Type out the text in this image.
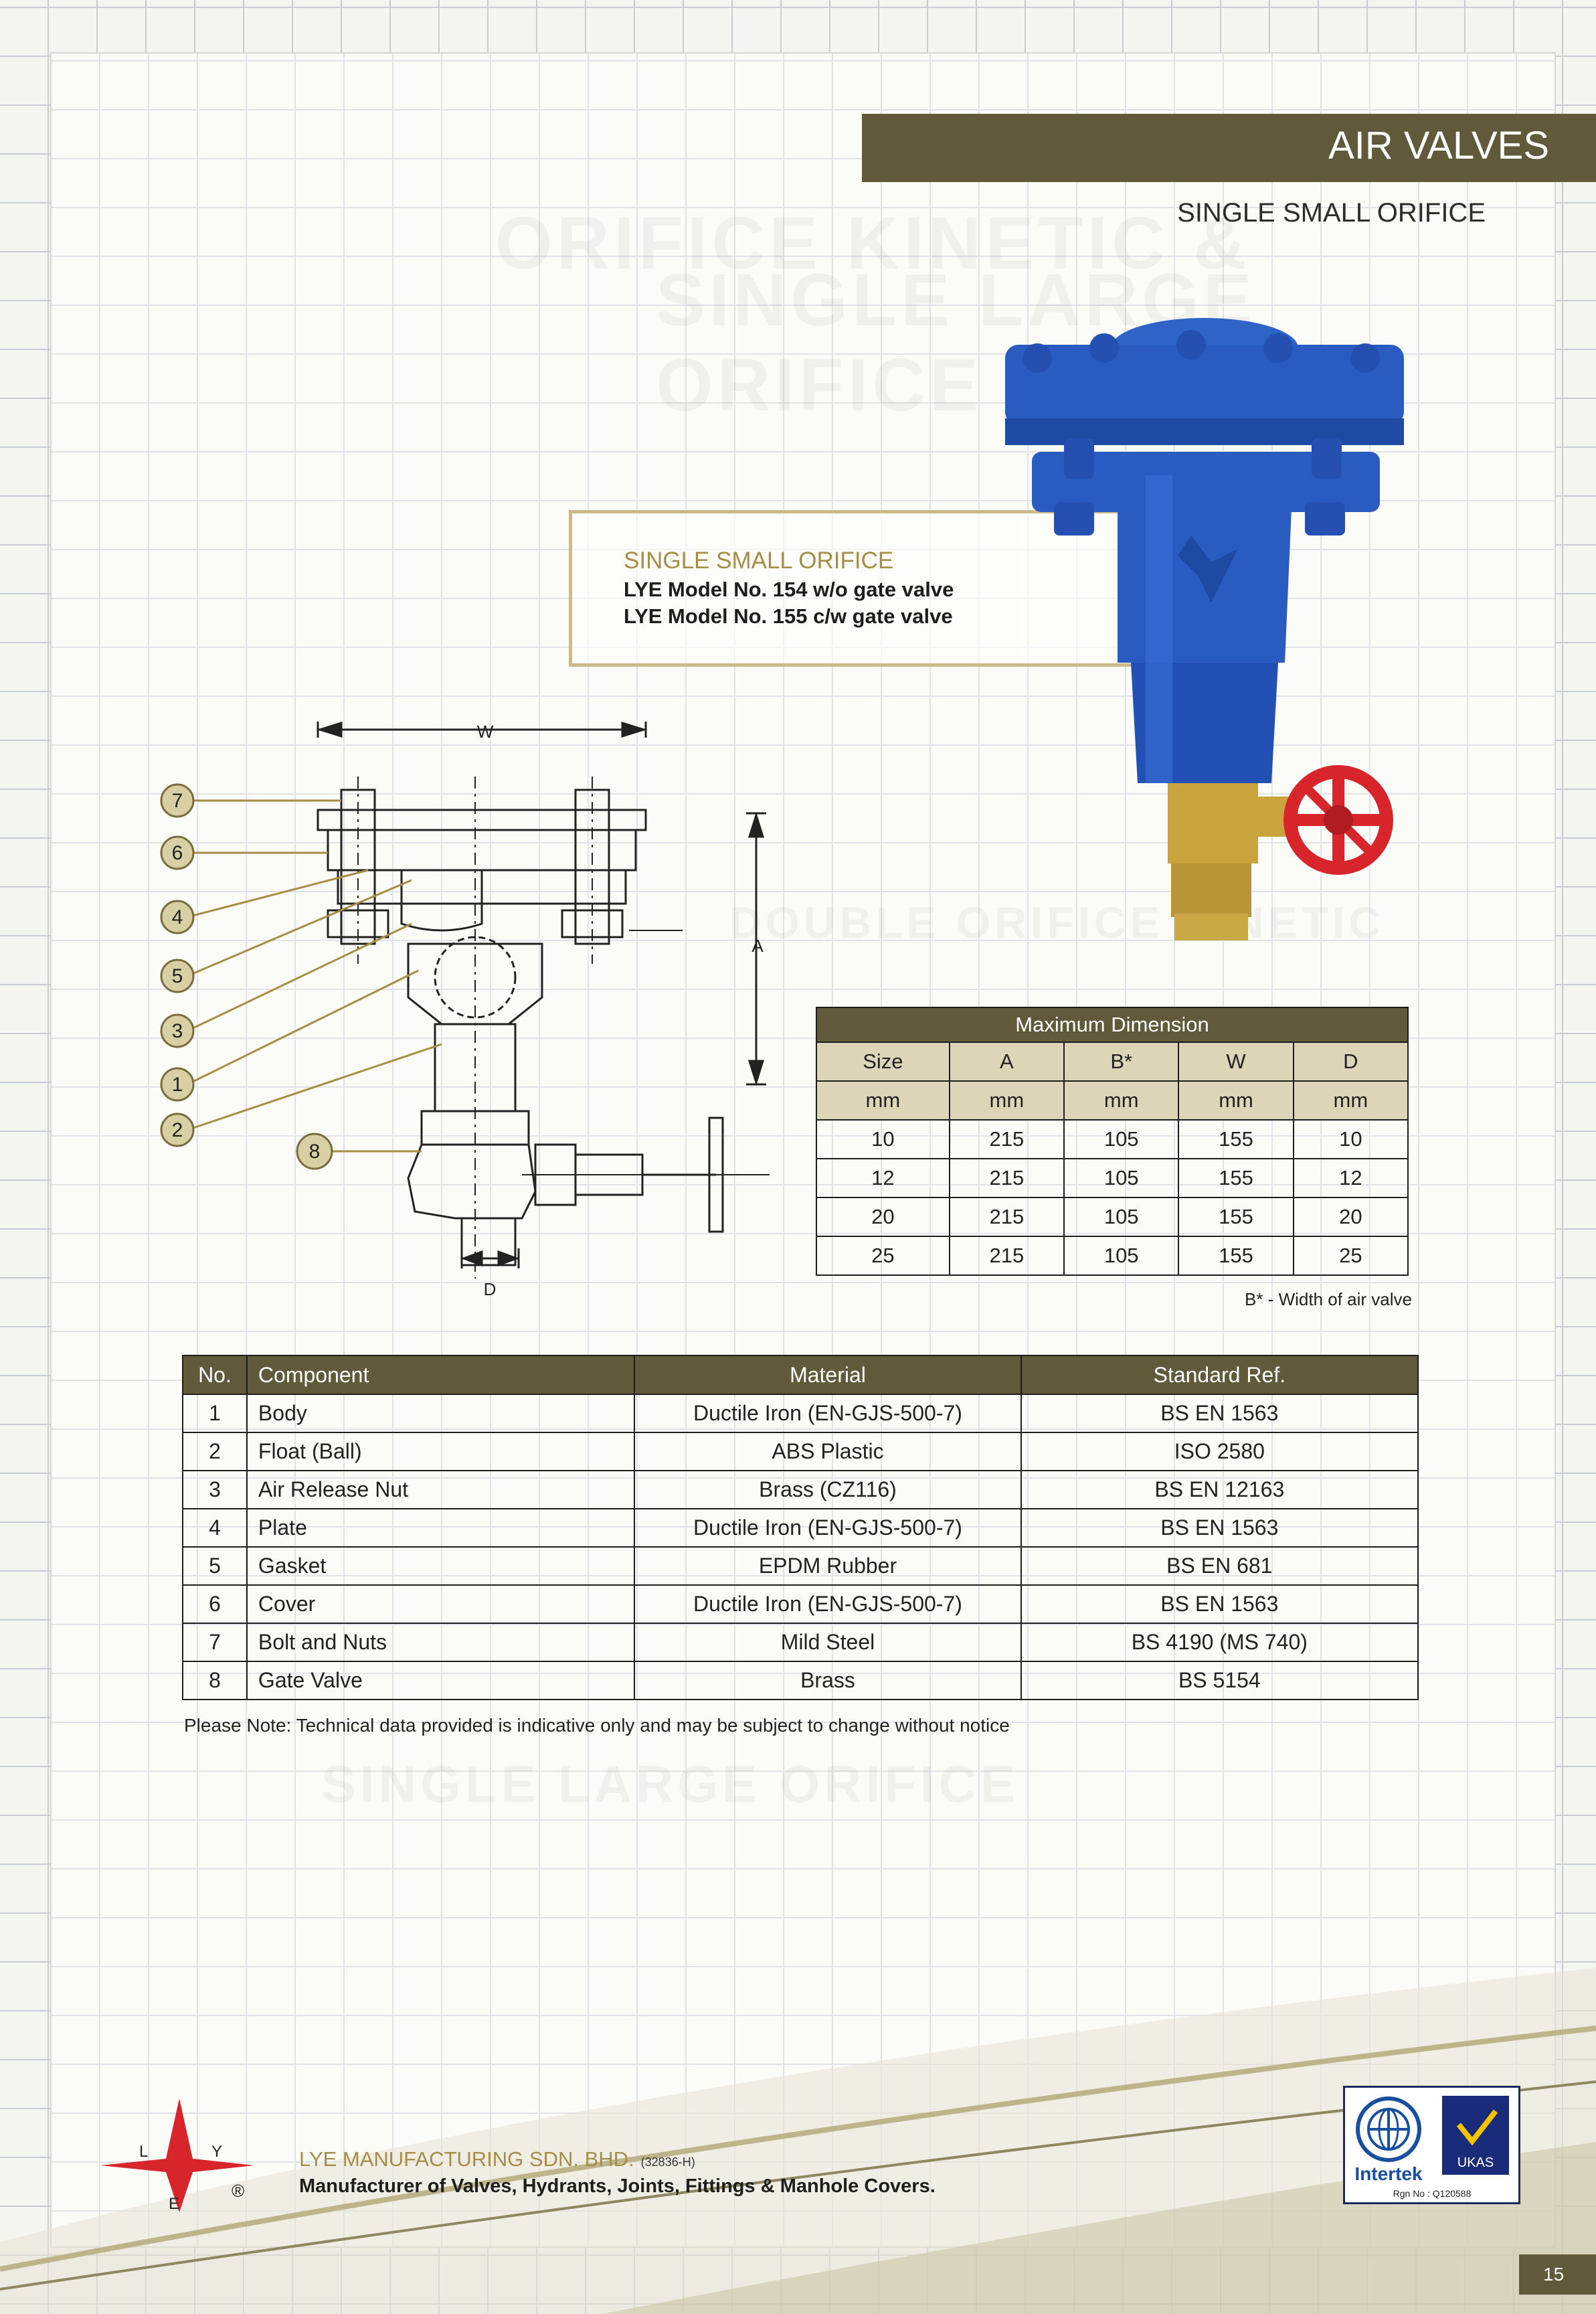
AIR VALVES
SINGLE SMALL ORIFICE
SINGLE SMALL ORIFICE
LYE Model No. 154 w/o gate valve
LYE Model No. 155 c/w gate valve
7
6
4
5
3
1
2
8
W
A
D
Maximum Dimension				
Size	A	B*	W	D
mm	mm	mm	mm	mm
10	215	105	155	10
12	215	105	155	12
20	215	105	155	20
25	215	105	155	25
B* - Width of air valve
No.	Component	Material	Standard Ref.
1	Body	Ductile Iron (EN-GJS-500-7)	BS EN 1563
2	Float (Ball)	ABS Plastic	ISO 2580
3	Air Release Nut	Brass (CZ116)	BS EN 12163
4	Plate	Ductile Iron (EN-GJS-500-7)	BS EN 1563
5	Gasket	EPDM Rubber	BS EN 681
6	Cover	Ductile Iron (EN-GJS-500-7)	BS EN 1563
7	Bolt and Nuts	Mild Steel	BS 4190 (MS 740)
8	Gate Valve	Brass	BS 5154
Please Note: Technical data provided is indicative only and may be subject to change without notice
L	Y
E
®
LYE MANUFACTURING SDN. BHD. (32836-H)
Manufacturer of Valves, Hydrants, Joints, Fittings & Manhole Covers.
UKAS
Intertek
Rgn No : Q120588
15
